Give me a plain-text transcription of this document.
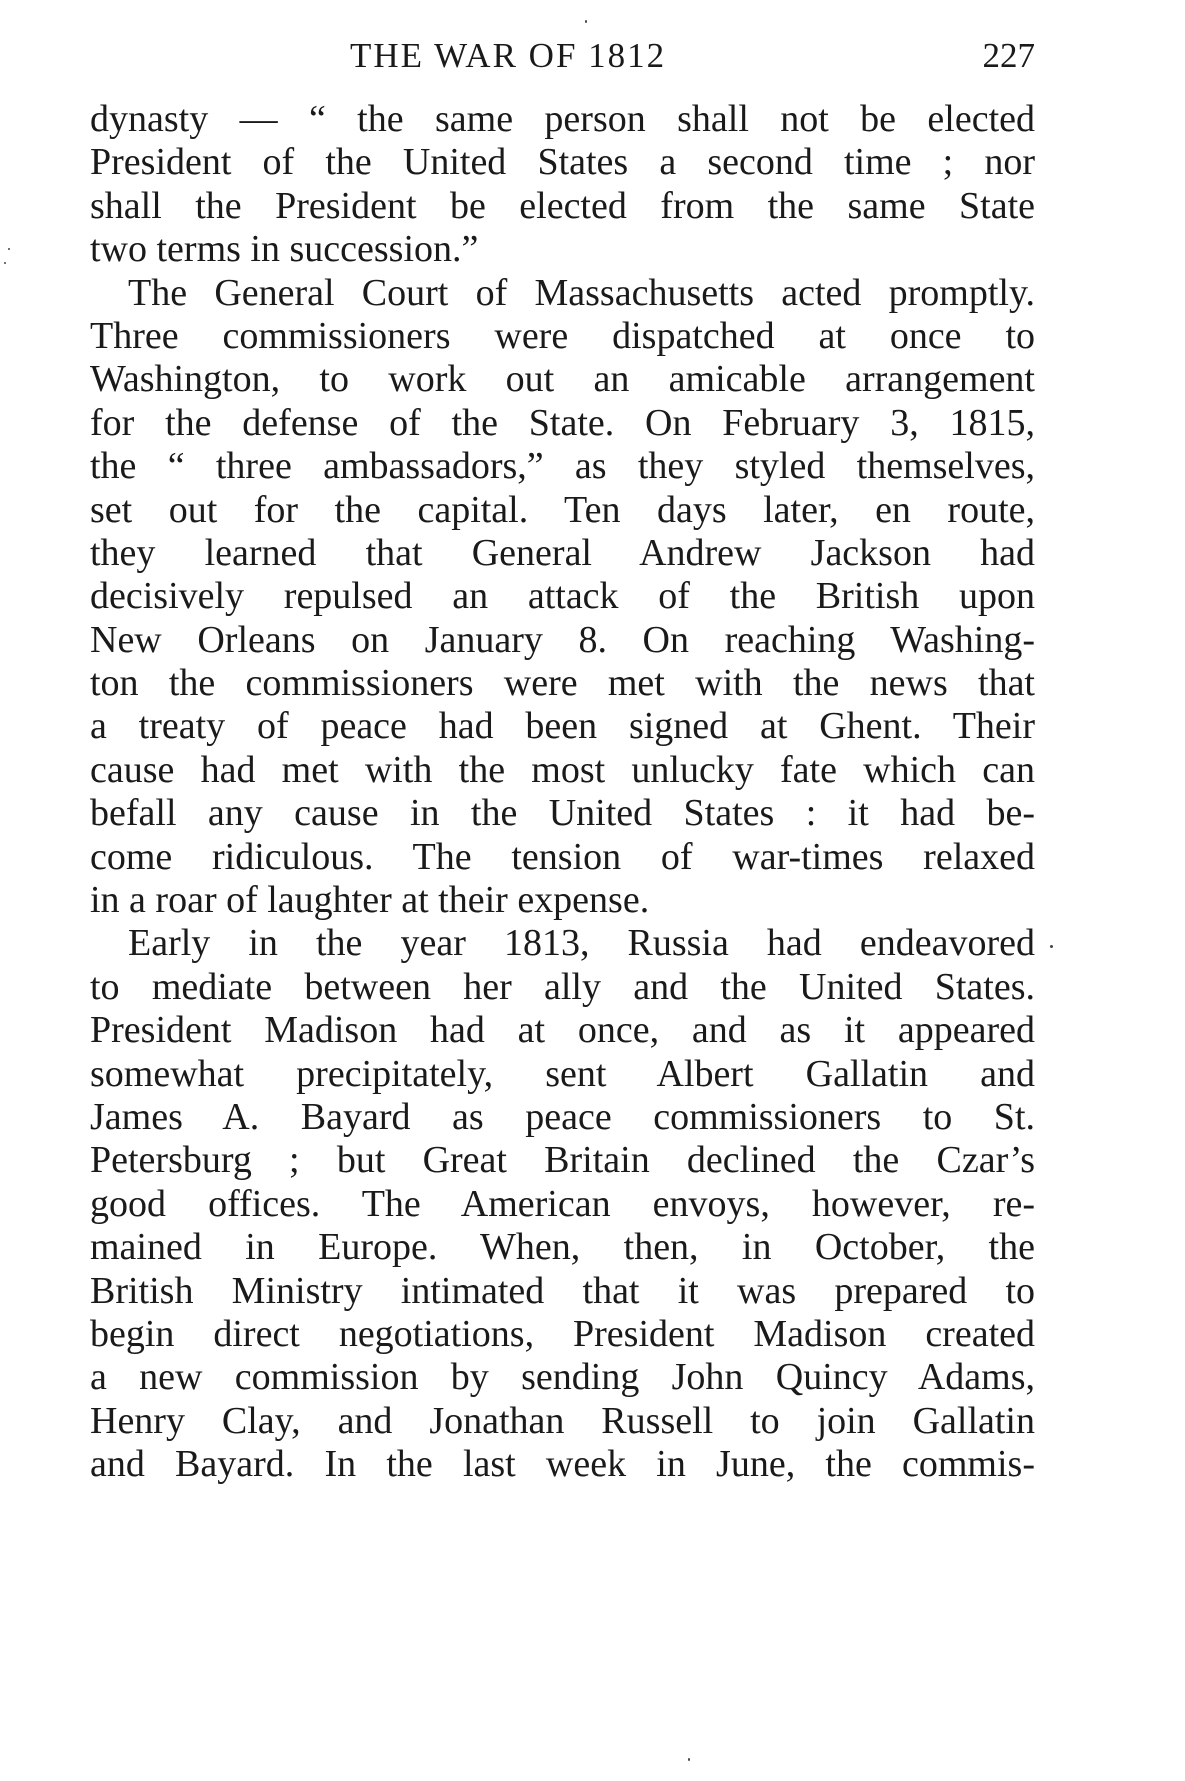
THE WAR OF 1812	227
dynasty — “ the same person shall not be elected
President of the United States a second time ; nor
shall the President be elected from the same State
two terms in succession.”
The General Court of Massachusetts acted promptly.
Three commissioners were dispatched at once to
Washington, to work out an amicable arrangement
for the defense of the State. On February 3, 1815,
the “ three ambassadors,” as they styled themselves,
set out for the capital. Ten days later, en route,
they learned that General Andrew Jackson had
decisively repulsed an attack of the British upon
New Orleans on January 8. On reaching Washing-
ton the commissioners were met with the news that
a treaty of peace had been signed at Ghent. Their
cause had met with the most unlucky fate which can
befall any cause in the United States : it had be-
come ridiculous. The tension of war-times relaxed
in a roar of laughter at their expense.
Early in the year 1813, Russia had endeavored
to mediate between her ally and the United States.
President Madison had at once, and as it appeared
somewhat precipitately, sent Albert Gallatin and
James A. Bayard as peace commissioners to St.
Petersburg ; but Great Britain declined the Czar’s
good offices. The American envoys, however, re-
mained in Europe. When, then, in October, the
British Ministry intimated that it was prepared to
begin direct negotiations, President Madison created
a new commission by sending John Quincy Adams,
Henry Clay, and Jonathan Russell to join Gallatin
and Bayard. In the last week in June, the commis-
